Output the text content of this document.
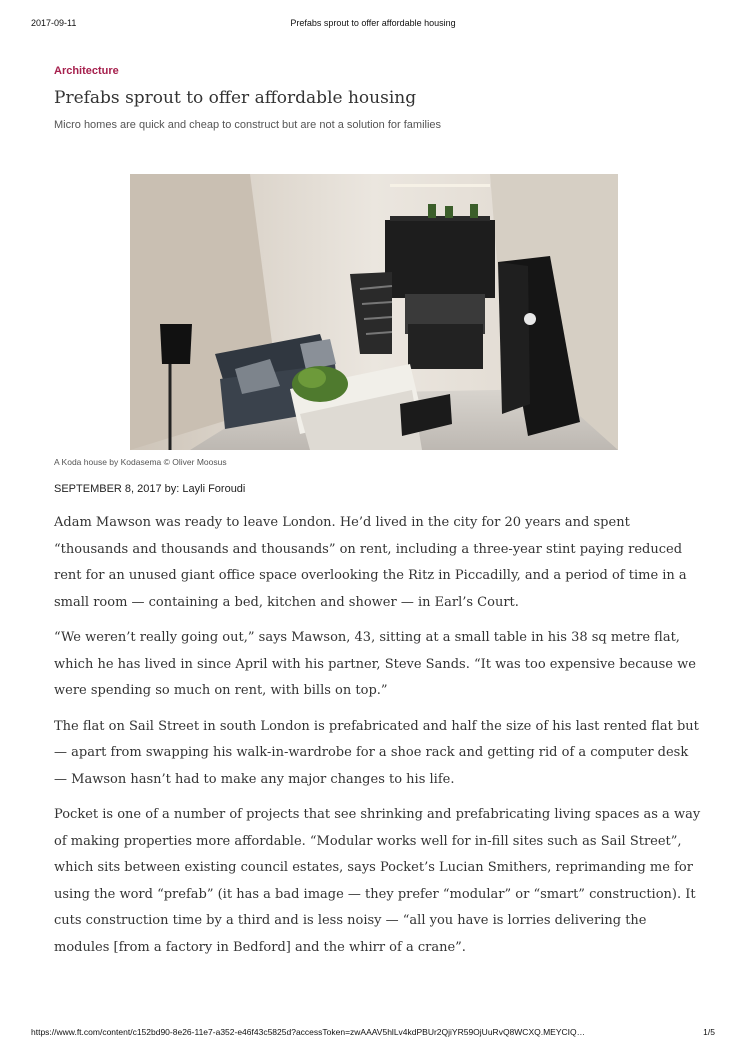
2017-09-11	Prefabs sprout to offer affordable housing

Architecture

Prefabs sprout to offer affordable housing

Micro homes are quick and cheap to construct but are not a solution for families

A Koda house by Kodasema © Oliver Moosus
SEPTEMBER 8, 2017 by: Layli Foroudi

Adam Mawson was ready to leave London. He’d lived in the city for 20 years and spent “thousands and thousands and thousands” on rent, including a three-year stint paying reduced rent for an unused giant office space overlooking the Ritz in Piccadilly, and a period of time in a small room — containing a bed, kitchen and shower — in Earl’s Court.

“We weren’t really going out,” says Mawson, 43, sitting at a small table in his 38 sq metre flat, which he has lived in since April with his partner, Steve Sands. “It was too expensive because we were spending so much on rent, with bills on top.”

The flat on Sail Street in south London is prefabricated and half the size of his last rented flat but — apart from swapping his walk-in-wardrobe for a shoe rack and getting rid of a computer desk — Mawson hasn’t had to make any major changes to his life.

Pocket is one of a number of projects that see shrinking and prefabricating living spaces as a way of making properties more affordable. “Modular works well for in-fill sites such as Sail Street”, which sits between existing council estates, says Pocket’s Lucian Smithers, reprimanding me for using the word “prefab” (it has a bad image — they prefer “modular” or “smart” construction). It cuts construction time by a third and is less noisy — “all you have is lorries delivering the modules [from a factory in Bedford] and the whirr of a crane”.

https://www.ft.com/content/c152bd90-8e26-11e7-a352-e46f43c5825d?accessToken=zwAAAV5hlLv4kdPBUr2QjiYR59OjUuRvQ8WCXQ.MEYCIQ…	1/5
